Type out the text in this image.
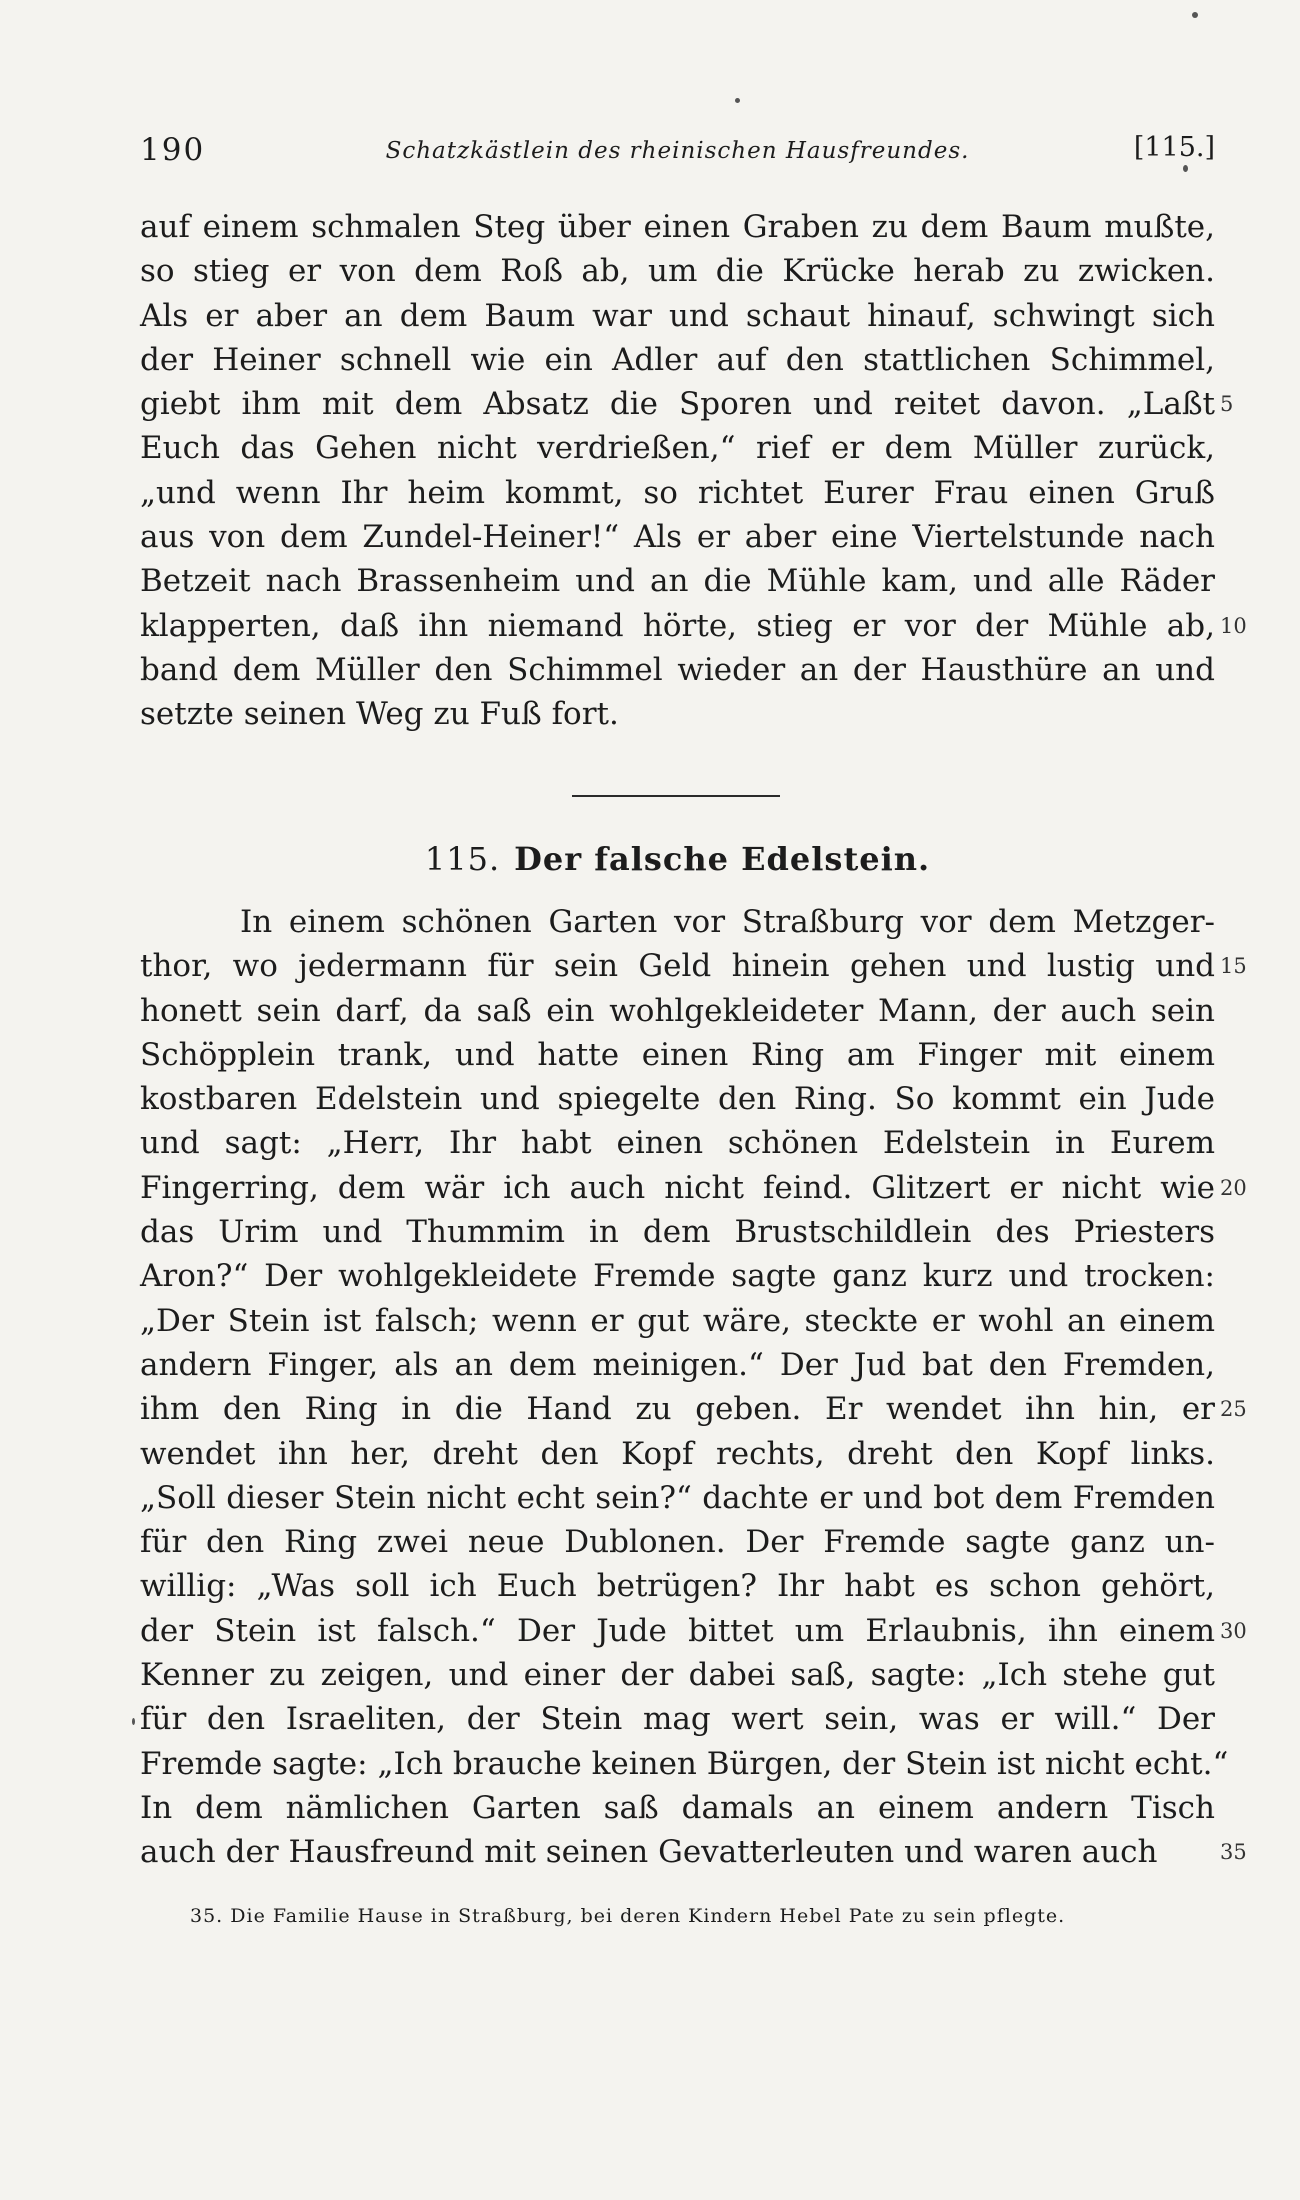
190	Schatzkästlein des rheinischen Hausfreundes.	[115.]
auf einem schmalen Steg über einen Graben zu dem Baum mußte,
so stieg er von dem Roß ab, um die Krücke herab zu zwicken.
Als er aber an dem Baum war und schaut hinauf, schwingt sich
der Heiner schnell wie ein Adler auf den stattlichen Schimmel,
giebt ihm mit dem Absatz die Sporen und reitet davon. „Laßt 5
Euch das Gehen nicht verdrießen,“ rief er dem Müller zurück,
„und wenn Ihr heim kommt, so richtet Eurer Frau einen Gruß
aus von dem Zundel-Heiner!“ Als er aber eine Viertelstunde nach
Betzeit nach Brassenheim und an die Mühle kam, und alle Räder
klapperten, daß ihn niemand hörte, stieg er vor der Mühle ab, 10
band dem Müller den Schimmel wieder an der Hausthüre an und
setzte seinen Weg zu Fuß fort.
115. Der falsche Edelstein.
In einem schönen Garten vor Straßburg vor dem Metzger-
thor, wo jedermann für sein Geld hinein gehen und lustig und 15
honett sein darf, da saß ein wohlgekleideter Mann, der auch sein
Schöpplein trank, und hatte einen Ring am Finger mit einem
kostbaren Edelstein und spiegelte den Ring. So kommt ein Jude
und sagt: „Herr, Ihr habt einen schönen Edelstein in Eurem
Fingerring, dem wär ich auch nicht feind. Glitzert er nicht wie 20
das Urim und Thummim in dem Brustschildlein des Priesters
Aron?“ Der wohlgekleidete Fremde sagte ganz kurz und trocken:
„Der Stein ist falsch; wenn er gut wäre, steckte er wohl an einem
andern Finger, als an dem meinigen.“ Der Jud bat den Fremden,
ihm den Ring in die Hand zu geben. Er wendet ihn hin, er 25
wendet ihn her, dreht den Kopf rechts, dreht den Kopf links.
„Soll dieser Stein nicht echt sein?“ dachte er und bot dem Fremden
für den Ring zwei neue Dublonen. Der Fremde sagte ganz un-
willig: „Was soll ich Euch betrügen? Ihr habt es schon gehört,
der Stein ist falsch.“ Der Jude bittet um Erlaubnis, ihn einem 30
Kenner zu zeigen, und einer der dabei saß, sagte: „Ich stehe gut
für den Israeliten, der Stein mag wert sein, was er will.“ Der
Fremde sagte: „Ich brauche keinen Bürgen, der Stein ist nicht echt.“
In dem nämlichen Garten saß damals an einem andern Tisch
auch der Hausfreund mit seinen Gevatterleuten und waren auch	35
35. Die Familie Hause in Straßburg, bei deren Kindern Hebel Pate zu sein pflegte.
